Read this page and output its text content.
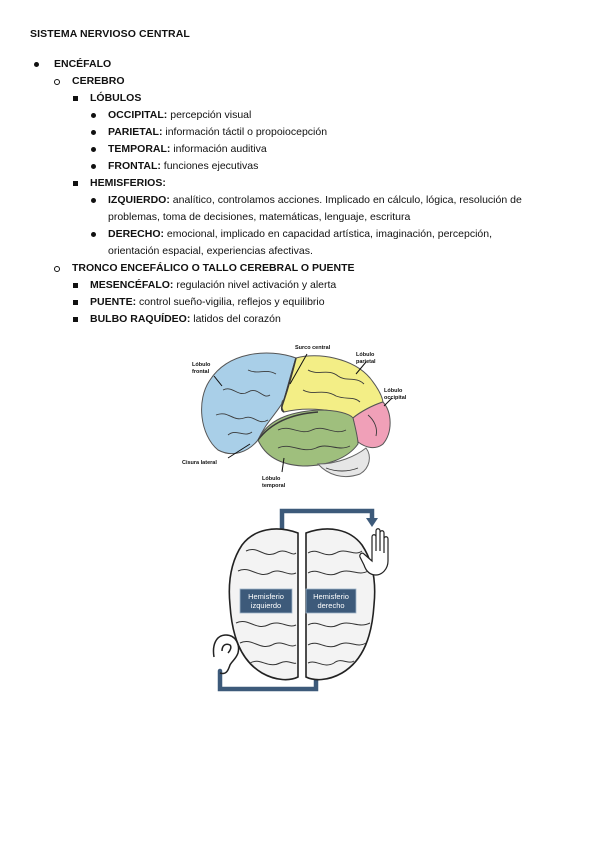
SISTEMA NERVIOSO CENTRAL
ENCÉFALO
CEREBRO
LÓBULOS
OCCIPITAL: percepción visual
PARIETAL: información táctil o propoiocepción
TEMPORAL: información auditiva
FRONTAL: funciones ejecutivas
HEMISFERIOS:
IZQUIERDO: analítico, controlamos acciones. Implicado en cálculo, lógica, resolución de
problemas, toma de decisiones, matemáticas, lenguaje, escritura
DERECHO: emocional, implicado en capacidad artística, imaginación, percepción,
orientación espacial, experiencias afectivas.
TRONCO ENCEFÁLICO O TALLO CEREBRAL O PUENTE
MESENCÉFALO: regulación nivel activación y alerta
PUENTE: control sueño-vigilia, reflejos y equilibrio
BULBO RAQUÍDEO: latidos del corazón
Surco central
Lóbulo
frontal
Lóbulo
parietal
Lóbulo
occipital
Cisura lateral
Lóbulo
temporal
Hemisferio
izquierdo
Hemisferio
derecho
